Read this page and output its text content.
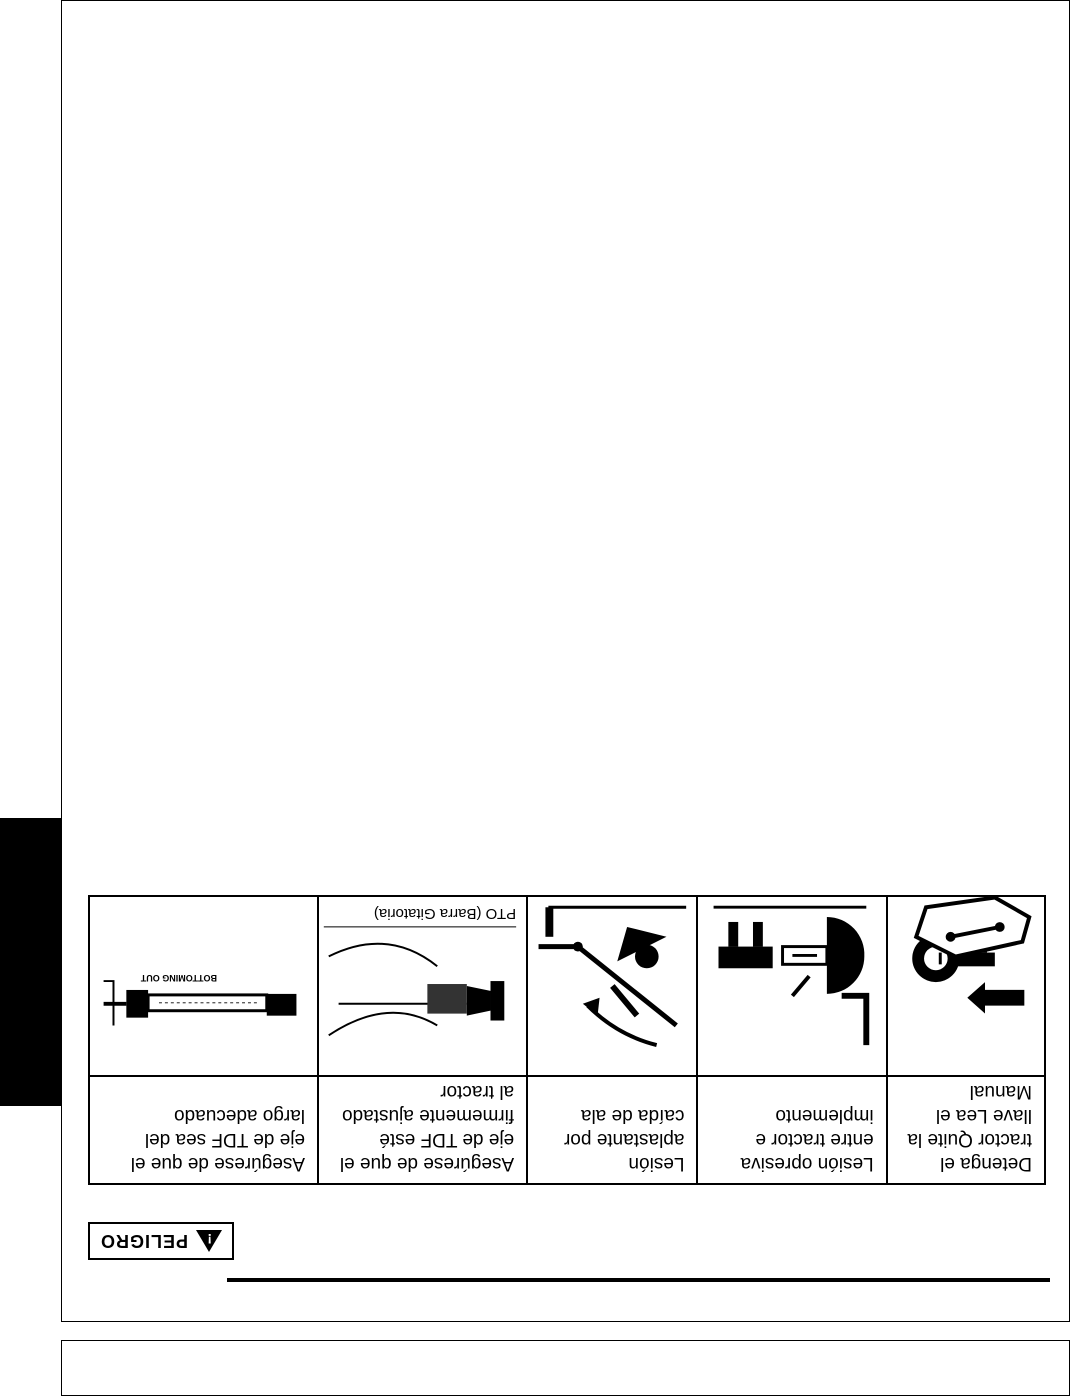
!
PELIGRO
Detenga el tractor Quite la llave Lea el Manual
Lesión opresiva entre tractor e implemento
Lesión aplastante por caída de ala
Asegúrese de que el eje de TDF esté firmemente ajustado al tractor
PTO (Barra Gitatoria)
Asegúrese de que el eje de TDF sea del largo adecuado
BOTTOMING OUT
